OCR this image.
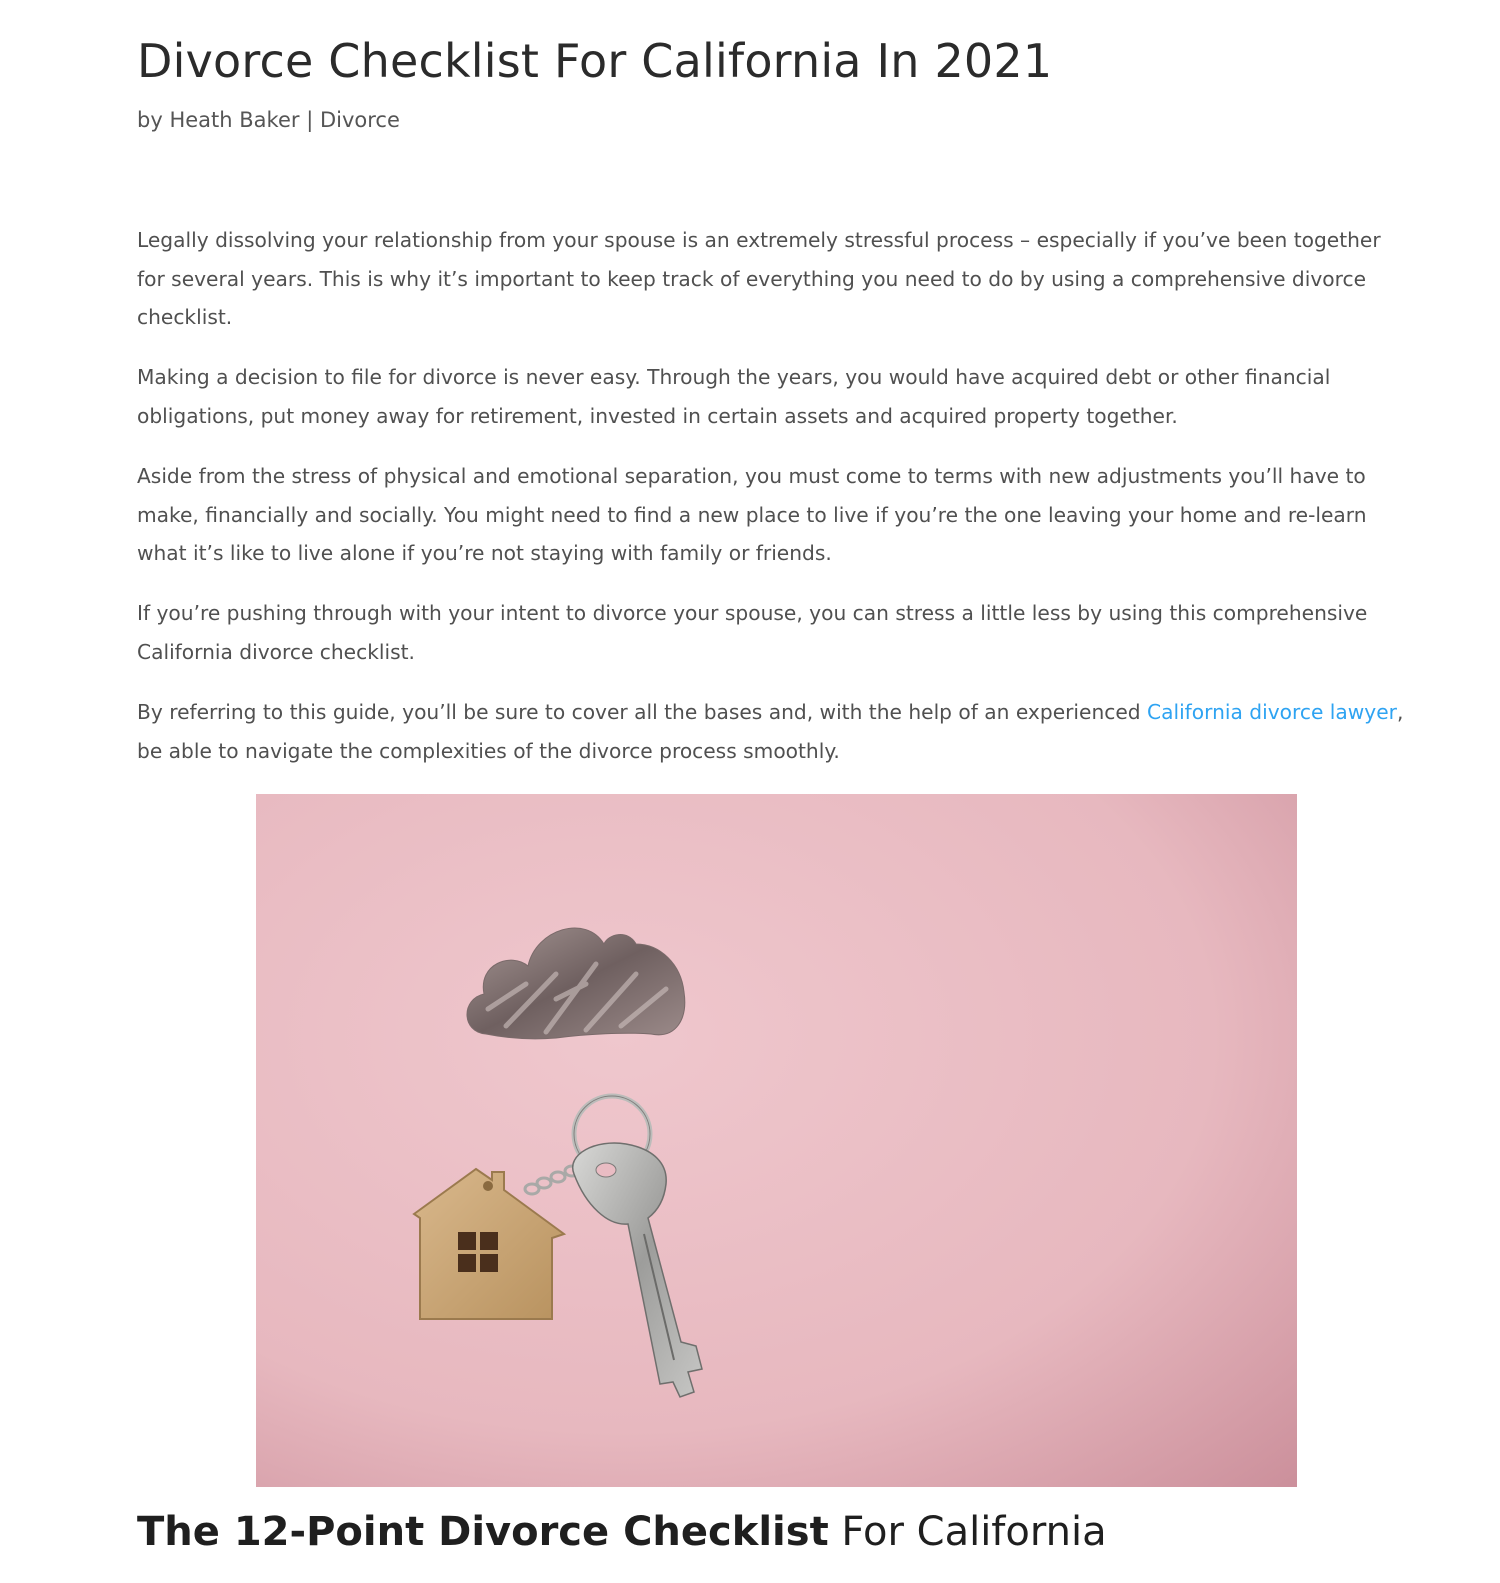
Divorce Checklist For California In 2021
by Heath Baker | Divorce

Legally dissolving your relationship from your spouse is an extremely stressful process – especially if you’ve been together for several years. This is why it’s important to keep track of everything you need to do by using a comprehensive divorce checklist.

Making a decision to file for divorce is never easy. Through the years, you would have acquired debt or other financial obligations, put money away for retirement, invested in certain assets and acquired property together.

Aside from the stress of physical and emotional separation, you must come to terms with new adjustments you’ll have to make, financially and socially. You might need to find a new place to live if you’re the one leaving your home and re-learn what it’s like to live alone if you’re not staying with family or friends.

If you’re pushing through with your intent to divorce your spouse, you can stress a little less by using this comprehensive California divorce checklist.

By referring to this guide, you’ll be sure to cover all the bases and, with the help of an experienced California divorce lawyer, be able to navigate the complexities of the divorce process smoothly.

The 12-Point Divorce Checklist For California
